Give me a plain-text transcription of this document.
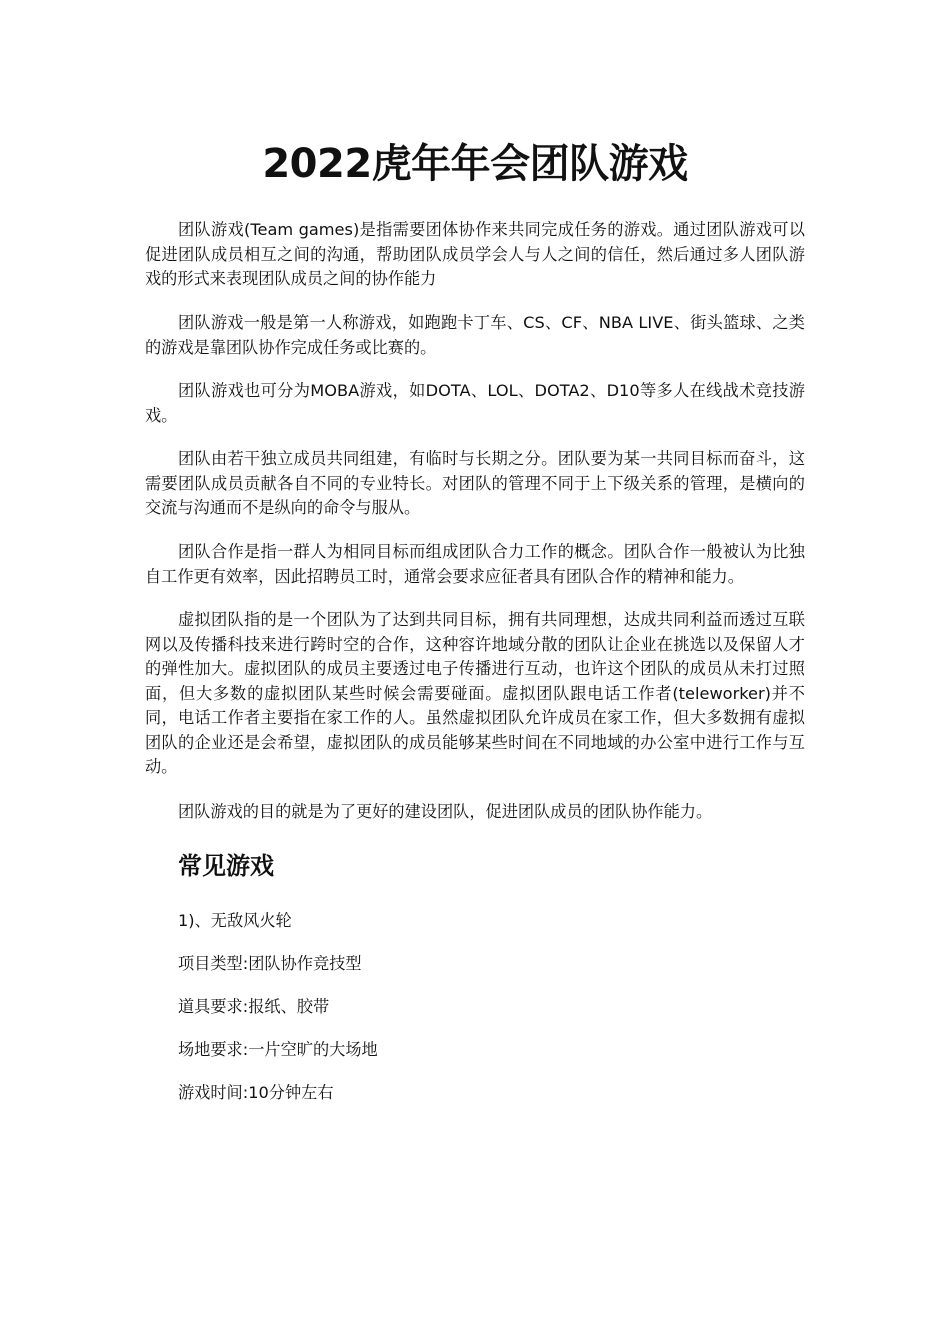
2022虎年年会团队游戏

团队游戏(Team games)是指需要团体协作来共同完成任务的游戏。通过团队游戏可以促进团队成员相互之间的沟通，帮助团队成员学会人与人之间的信任，然后通过多人团队游戏的形式来表现团队成员之间的协作能力

团队游戏一般是第一人称游戏，如跑跑卡丁车、CS、CF、NBA LIVE、街头篮球、之类的游戏是靠团队协作完成任务或比赛的。

团队游戏也可分为MOBA游戏，如DOTA、LOL、DOTA2、D10等多人在线战术竞技游戏。

团队由若干独立成员共同组建，有临时与长期之分。团队要为某一共同目标而奋斗，这需要团队成员贡献各自不同的专业特长。对团队的管理不同于上下级关系的管理，是横向的交流与沟通而不是纵向的命令与服从。

团队合作是指一群人为相同目标而组成团队合力工作的概念。团队合作一般被认为比独自工作更有效率，因此招聘员工时，通常会要求应征者具有团队合作的精神和能力。

虚拟团队指的是一个团队为了达到共同目标，拥有共同理想，达成共同利益而透过互联网以及传播科技来进行跨时空的合作，这种容许地域分散的团队让企业在挑选以及保留人才的弹性加大。虚拟团队的成员主要透过电子传播进行互动，也许这个团队的成员从未打过照面，但大多数的虚拟团队某些时候会需要碰面。虚拟团队跟电话工作者(teleworker)并不同，电话工作者主要指在家工作的人。虽然虚拟团队允许成员在家工作，但大多数拥有虚拟团队的企业还是会希望，虚拟团队的成员能够某些时间在不同地域的办公室中进行工作与互动。

团队游戏的目的就是为了更好的建设团队，促进团队成员的团队协作能力。

常见游戏

1)、无敌风火轮

项目类型:团队协作竞技型

道具要求:报纸、胶带

场地要求:一片空旷的大场地

游戏时间:10分钟左右
